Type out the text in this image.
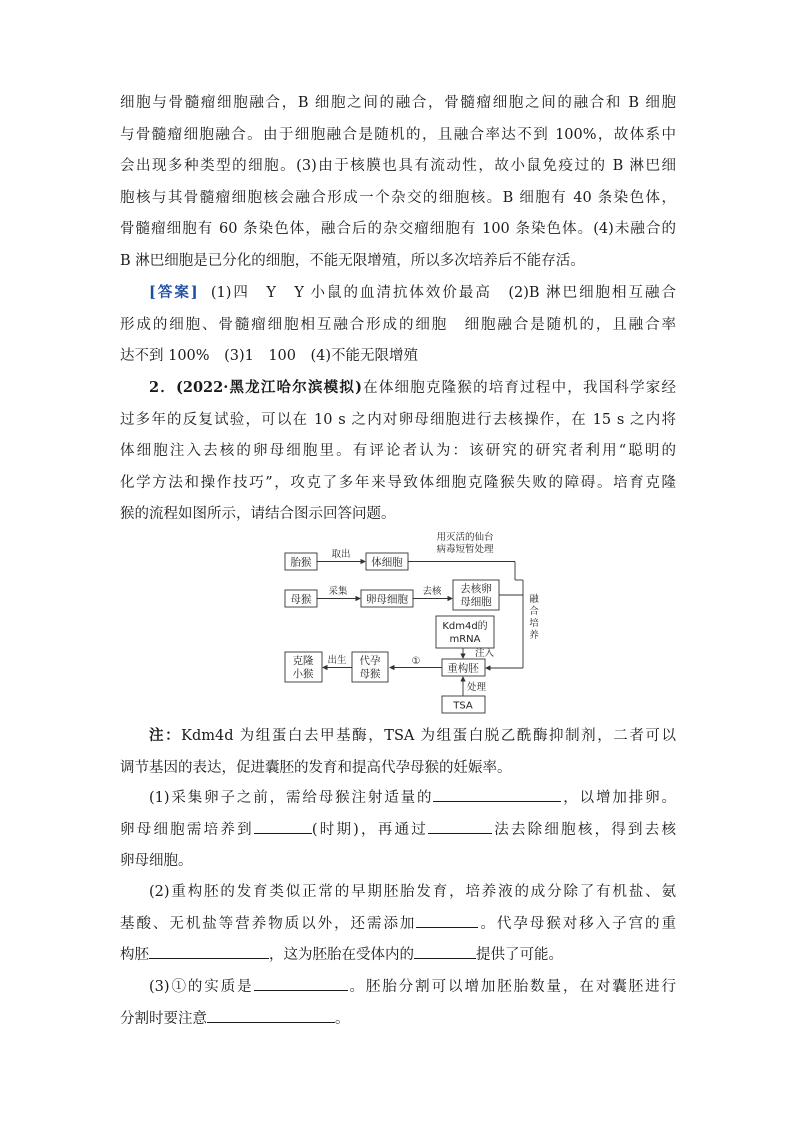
细胞与骨髓瘤细胞融合，B 细胞之间的融合，骨髓瘤细胞之间的融合和 B 细胞
与骨髓瘤细胞融合。由于细胞融合是随机的，且融合率达不到 100%，故体系中
会出现多种类型的细胞。(3)由于核膜也具有流动性，故小鼠免疫过的 B 淋巴细
胞核与其骨髓瘤细胞核会融合形成一个杂交的细胞核。B 细胞有 40 条染色体，
骨髓瘤细胞有 60 条染色体，融合后的杂交瘤细胞有 100 条染色体。(4)未融合的
B 淋巴细胞是已分化的细胞，不能无限增殖，所以多次培养后不能存活。
[答案] (1)四　Y　Y 小鼠的血清抗体效价最高　(2)B 淋巴细胞相互融合
形成的细胞、骨髓瘤细胞相互融合形成的细胞　细胞融合是随机的，且融合率
达不到 100%　(3)1　100　(4)不能无限增殖
2．(2022·黑龙江哈尔滨模拟)在体细胞克隆猴的培育过程中，我国科学家经
过多年的反复试验，可以在 10 s 之内对卵母细胞进行去核操作，在 15 s 之内将
体细胞注入去核的卵母细胞里。有评论者认为：该研究的研究者利用“聪明的
化学方法和操作技巧”，攻克了多年来导致体细胞克隆猴失败的障碍。培育克隆
猴的流程如图所示，请结合图示回答问题。
胎猴
取出
体细胞
用灭活的仙台
病毒短暂处理
母猴
采集
卵母细胞
去核 去核卵
母细胞	融
合
培
养
Kdm4d的
mRNA
注入
重构胚
处理
TSA
①
代孕
母猴
出生
克隆
小猴
注：Kdm4d 为组蛋白去甲基酶，TSA 为组蛋白脱乙酰酶抑制剂，二者可以
调节基因的表达，促进囊胚的发育和提高代孕母猴的妊娠率。
(1)采集卵子之前，需给母猴注射适量的	，以增加排卵。
卵母细胞需培养到	(时期)，再通过	法去除细胞核，得到去核
卵母细胞。
(2)重构胚的发育类似正常的早期胚胎发育，培养液的成分除了有机盐、氨
基酸、无机盐等营养物质以外，还需添加	。代孕母猴对移入子宫的重
构胚	，这为胚胎在受体内的	提供了可能。
(3)①的实质是	。胚胎分割可以增加胚胎数量，在对囊胚进行
分割时要注意	。
